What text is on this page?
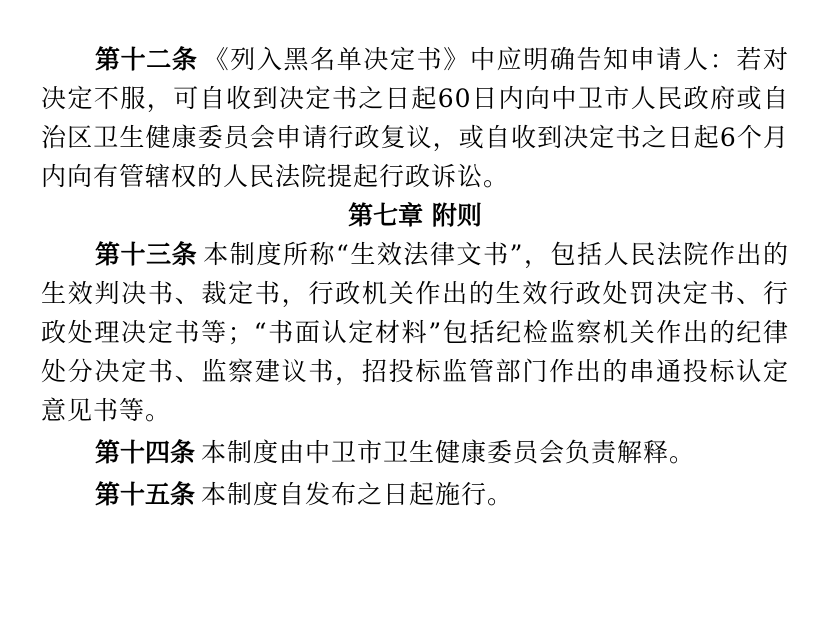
第十二条 《列入黑名单决定书》中应明确告知申请人：若对决定不服，可自收到决定书之日起60日内向中卫市人民政府或自治区卫生健康委员会申请行政复议，或自收到决定书之日起6个月内向有管辖权的人民法院提起行政诉讼。

第七章 附则

第十三条 本制度所称“生效法律文书”，包括人民法院作出的生效判决书、裁定书，行政机关作出的生效行政处罚决定书、行政处理决定书等；“书面认定材料”包括纪检监察机关作出的纪律处分决定书、监察建议书，招投标监管部门作出的串通投标认定意见书等。

第十四条 本制度由中卫市卫生健康委员会负责解释。

第十五条 本制度自发布之日起施行。
